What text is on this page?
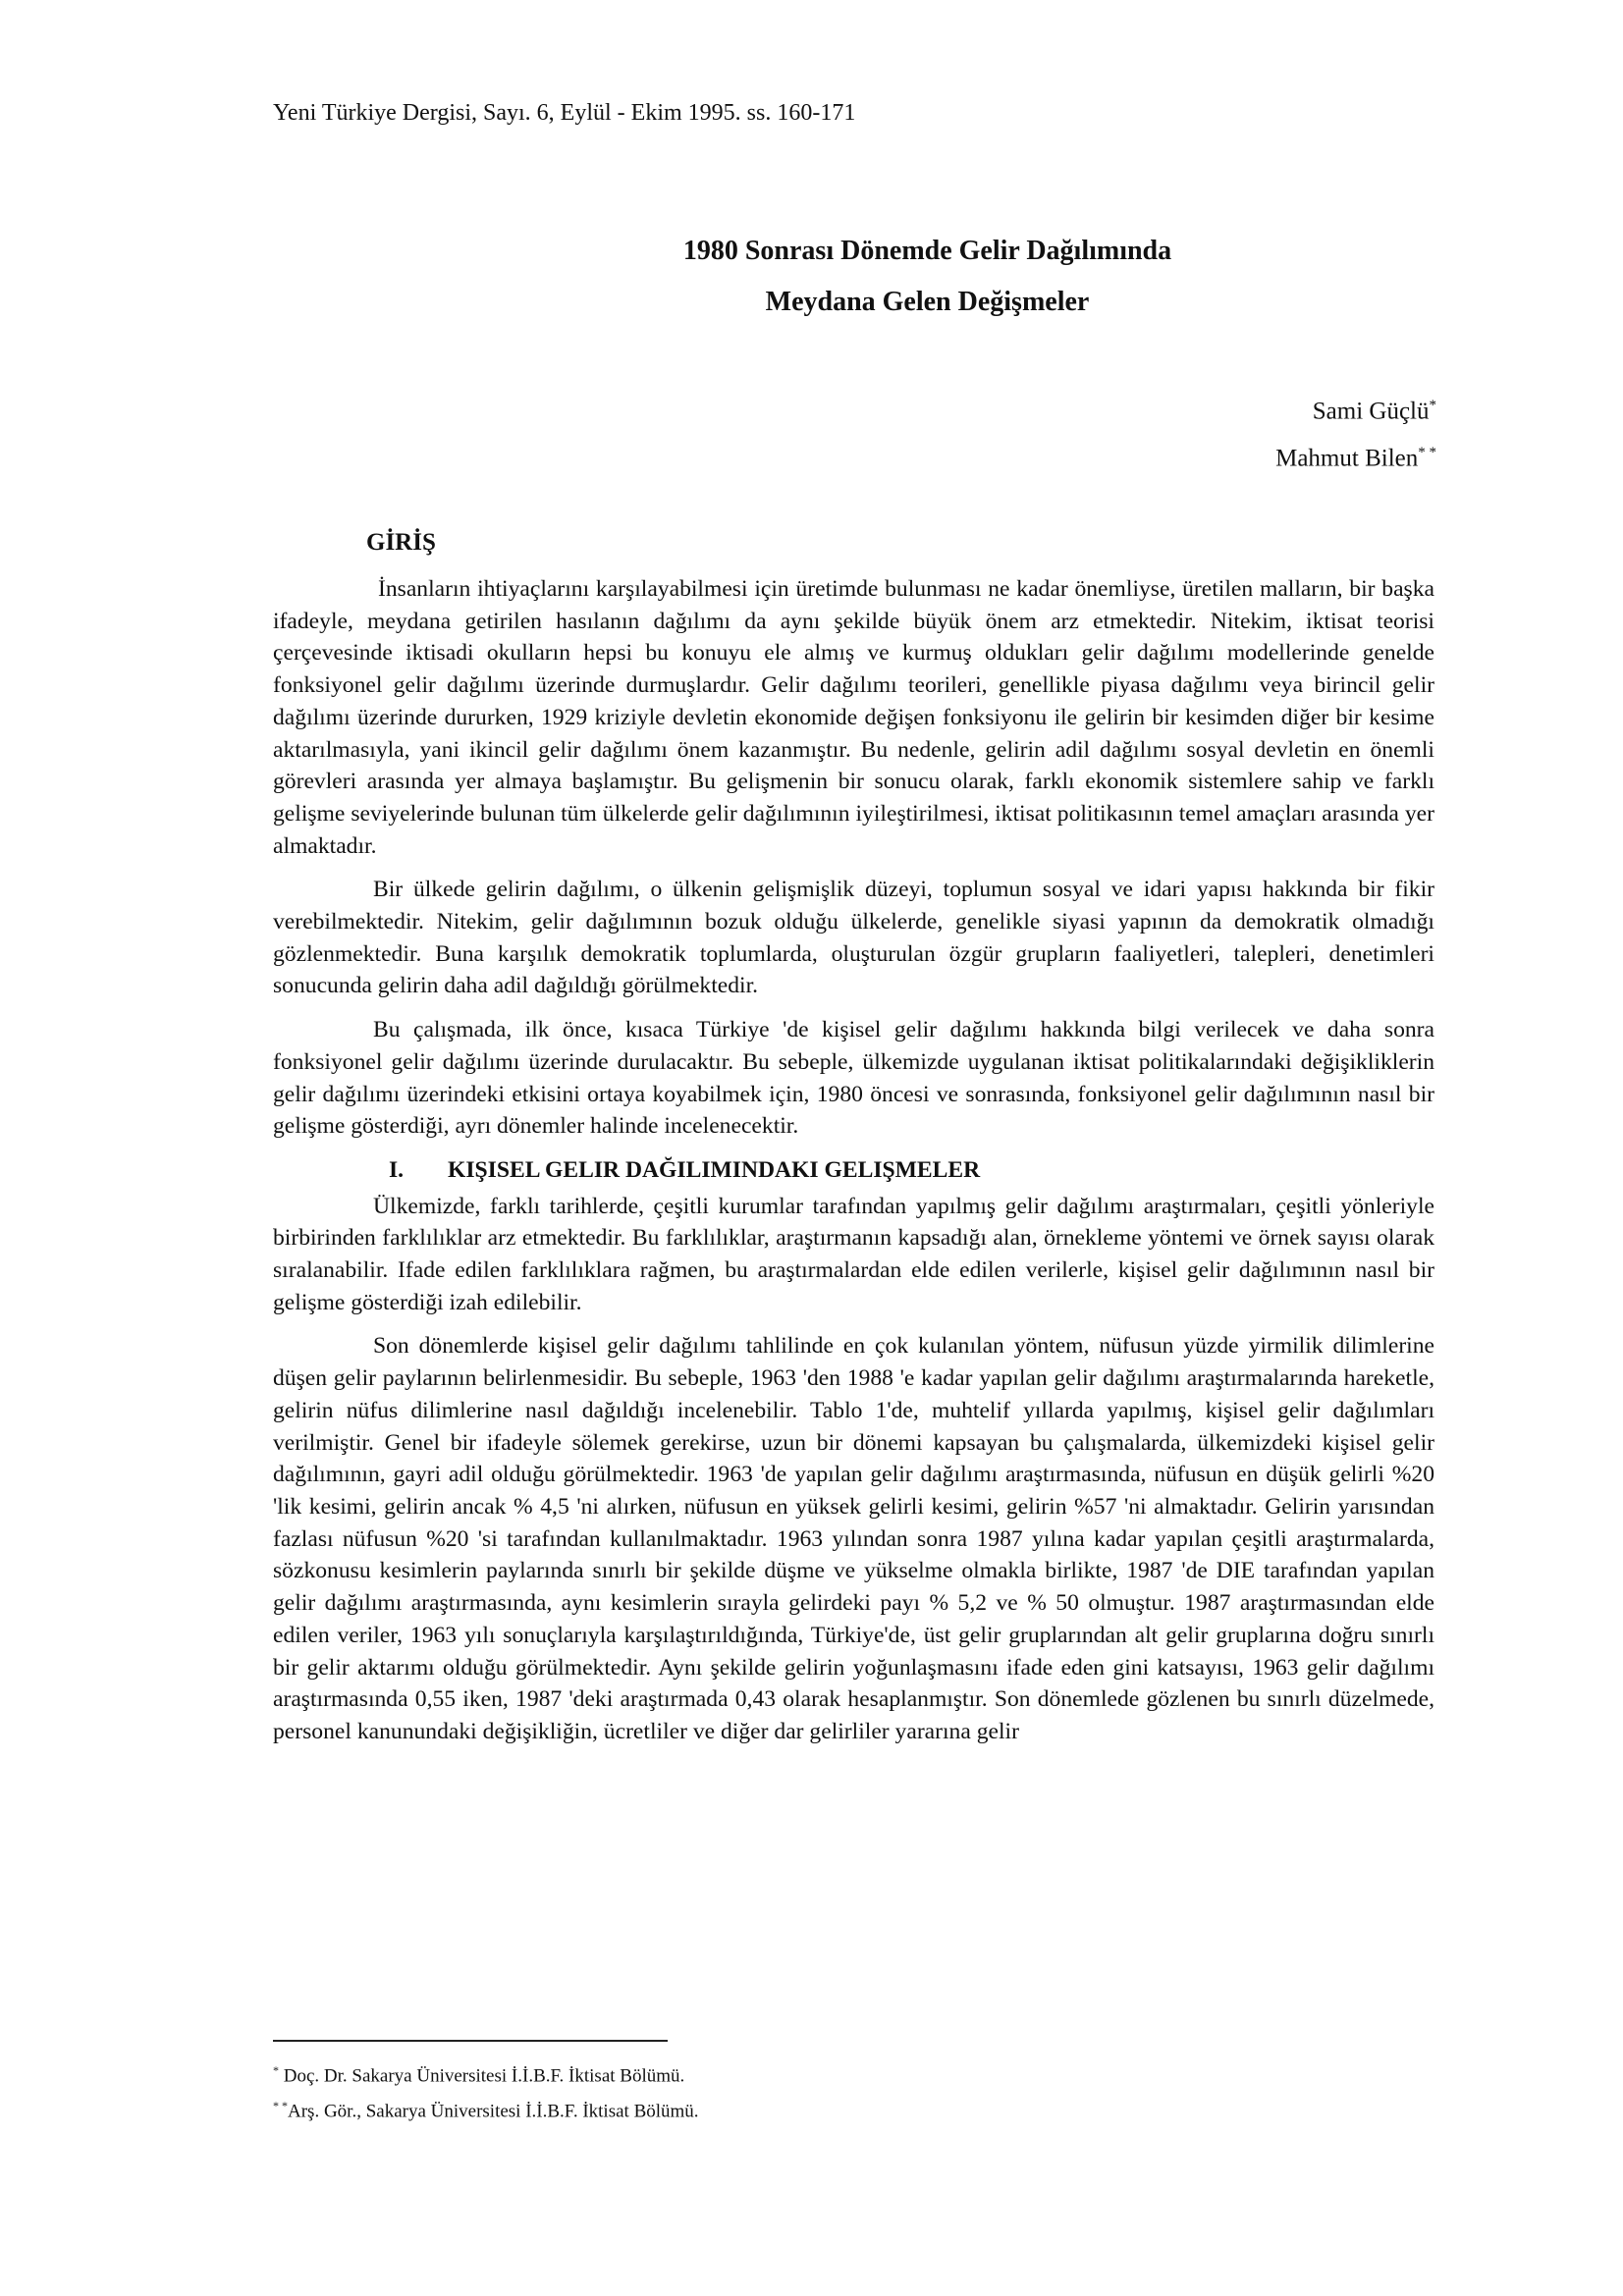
Yeni Türkiye Dergisi, Sayı. 6, Eylül - Ekim 1995. ss. 160-171
1980 Sonrası Dönemde Gelir Dağılımında
Meydana Gelen Değişmeler
Sami Güçlü*
Mahmut Bilen* *
GİRİŞ

İnsanların ihtiyaçlarını karşılayabilmesi için üretimde bulunması ne kadar önemliyse, üretilen malların, bir başka ifadeyle, meydana getirilen hasılanın dağılımı da aynı şekilde büyük önem arz etmektedir. Nitekim, iktisat teorisi çerçevesinde iktisadi okulların hepsi bu konuyu ele almış ve kurmuş oldukları gelir dağılımı modellerinde genelde fonksiyonel gelir dağılımı üzerinde durmuşlardır. Gelir dağılımı teorileri, genellikle piyasa dağılımı veya birincil gelir dağılımı üzerinde dururken, 1929 kriziyle devletin ekonomide değişen fonksiyonu ile gelirin bir kesimden diğer bir kesime aktarılmasıyla, yani ikincil gelir dağılımı önem kazanmıştır. Bu nedenle, gelirin adil dağılımı sosyal devletin en önemli görevleri arasında yer almaya başlamıştır. Bu gelişmenin bir sonucu olarak, farklı ekonomik sistemlere sahip ve farklı gelişme seviyelerinde bulunan tüm ülkelerde gelir dağılımının iyileştirilmesi, iktisat politikasının temel amaçları arasında yer almaktadır.

Bir ülkede gelirin dağılımı, o ülkenin gelişmişlik düzeyi, toplumun sosyal ve idari yapısı hakkında bir fikir verebilmektedir. Nitekim, gelir dağılımının bozuk olduğu ülkelerde, genelikle siyasi yapının da demokratik olmadığı gözlenmektedir. Buna karşılık demokratik toplumlarda, oluşturulan özgür grupların faaliyetleri, talepleri, denetimleri sonucunda gelirin daha adil dağıldığı görülmektedir.

Bu çalışmada, ilk önce, kısaca Türkiye 'de kişisel gelir dağılımı hakkında bilgi verilecek ve daha sonra fonksiyonel gelir dağılımı üzerinde durulacaktır. Bu sebeple, ülkemizde uygulanan iktisat politikalarındaki değişikliklerin gelir dağılımı üzerindeki etkisini ortaya koyabilmek için, 1980 öncesi ve sonrasında, fonksiyonel gelir dağılımının nasıl bir gelişme gösterdiği, ayrı dönemler halinde incelenecektir.

I. KIŞISEL GELIR DAĞILIMINDAKI GELIŞMELER

Ülkemizde, farklı tarihlerde, çeşitli kurumlar tarafından yapılmış gelir dağılımı araştırmaları, çeşitli yönleriyle birbirinden farklılıklar arz etmektedir. Bu farklılıklar, araştırmanın kapsadığı alan, örnekleme yöntemi ve örnek sayısı olarak sıralanabilir. Ifade edilen farklılıklara rağmen, bu araştırmalardan elde edilen verilerle, kişisel gelir dağılımının nasıl bir gelişme gösterdiği izah edilebilir.

Son dönemlerde kişisel gelir dağılımı tahlilinde en çok kulanılan yöntem, nüfusun yüzde yirmilik dilimlerine düşen gelir paylarının belirlenmesidir. Bu sebeple, 1963 'den 1988 'e kadar yapılan gelir dağılımı araştırmalarında hareketle, gelirin nüfus dilimlerine nasıl dağıldığı incelenebilir. Tablo 1'de, muhtelif yıllarda yapılmış, kişisel gelir dağılımları verilmiştir. Genel bir ifadeyle sölemek gerekirse, uzun bir dönemi kapsayan bu çalışmalarda, ülkemizdeki kişisel gelir dağılımının, gayri adil olduğu görülmektedir. 1963 'de yapılan gelir dağılımı araştırmasında, nüfusun en düşük gelirli %20 'lik kesimi, gelirin ancak % 4,5 'ni alırken, nüfusun en yüksek gelirli kesimi, gelirin %57 'ni almaktadır. Gelirin yarısından fazlası nüfusun %20 'si tarafından kullanılmaktadır. 1963 yılından sonra 1987 yılına kadar yapılan çeşitli araştırmalarda, sözkonusu kesimlerin paylarında sınırlı bir şekilde düşme ve yükselme olmakla birlikte, 1987 'de DIE tarafından yapılan gelir dağılımı araştırmasında, aynı kesimlerin sırayla gelirdeki payı % 5,2 ve % 50 olmuştur. 1987 araştırmasından elde edilen veriler, 1963 yılı sonuçlarıyla karşılaştırıldığında, Türkiye'de, üst gelir gruplarından alt gelir gruplarına doğru sınırlı bir gelir aktarımı olduğu görülmektedir. Aynı şekilde gelirin yoğunlaşmasını ifade eden gini katsayısı, 1963 gelir dağılımı araştırmasında 0,55 iken, 1987 'deki araştırmada 0,43 olarak hesaplanmıştır. Son dönemlede gözlenen bu sınırlı düzelmede, personel kanunundaki değişikliğin, ücretliler ve diğer dar gelirliler yararına gelir

* Doç. Dr. Sakarya Üniversitesi İ.İ.B.F. İktisat Bölümü.
* *Arş. Gör., Sakarya Üniversitesi İ.İ.B.F. İktisat Bölümü.
